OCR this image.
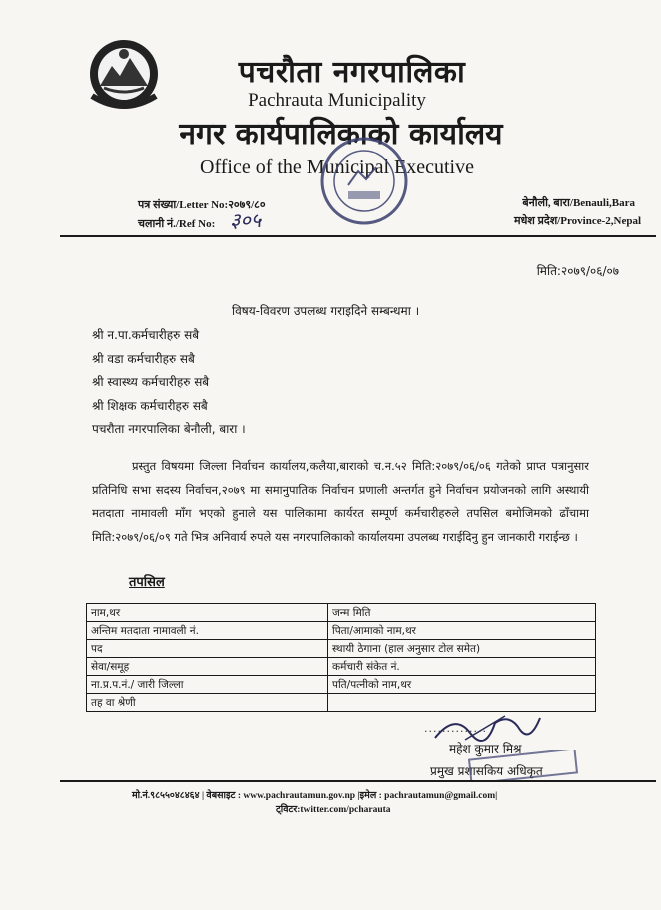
पचरौता नगरपालिका
Pachrauta Municipality
नगर कार्यपालिकाको कार्यालय
Office of the Municipal Executive
पत्र संख्या/Letter No:२०७९/८०
चलानी नं./Ref No: ३०५
बेनौली, बारा/Benauli,Bara
मधेश प्रदेश/Province-2,Nepal
मिति:२०७९/०६/०७
विषय-विवरण उपलब्ध गराइदिने सम्बन्धमा ।
श्री न.पा.कर्मचारीहरु सबै
श्री वडा कर्मचारीहरु सबै
श्री स्वास्थ्य कर्मचारीहरु सबै
श्री शिक्षक कर्मचारीहरु सबै
पचरौता नगरपालिका बेनौली, बारा ।
प्रस्तुत विषयमा जिल्ला निर्वाचन कार्यालय,कलैया,बाराको च.न.५२ मिति:२०७९/०६/०६ गतेको प्राप्त पत्रानुसार प्रतिनिधि सभा सदस्य निर्वाचन,२०७९ मा समानुपातिक निर्वाचन प्रणाली अन्तर्गत हुने निर्वाचन प्रयोजनको लागि अस्थायी मतदाता नामावली माँग भएको हुनाले यस पालिकामा कार्यरत सम्पूर्ण कर्मचारीहरुले तपसिल बमोजिमको ढाँचामा मिति:२०७९/०६/०९ गते भित्र अनिवार्य रुपले यस नगरपालिकाको कार्यालयमा उपलब्ध गराईदिनु हुन जानकारी गराईन्छ ।
तपसिल
नाम,थर	जन्म मिति
अन्तिम मतदाता नामावली नं.	पिता/आमाको नाम,थर
पद	स्थायी ठेगाना (हाल अनुसार टोल समेत)
सेवा/समूह	कर्मचारी संकेत नं.
ना.प्र.प.नं./ जारी जिल्ला	पति/पत्नीको नाम,थर
तह वा श्रेणी	
..............
महेश कुमार मिश्र
प्रमुख प्रशासकिय अधिकृत
मो.नं.९८५५०४८४६४ | वेबसाइट : www.pachrautamun.gov.np |इमेल : pachrautamun@gmail.com|
ट्विटर:twitter.com/pcharauta
